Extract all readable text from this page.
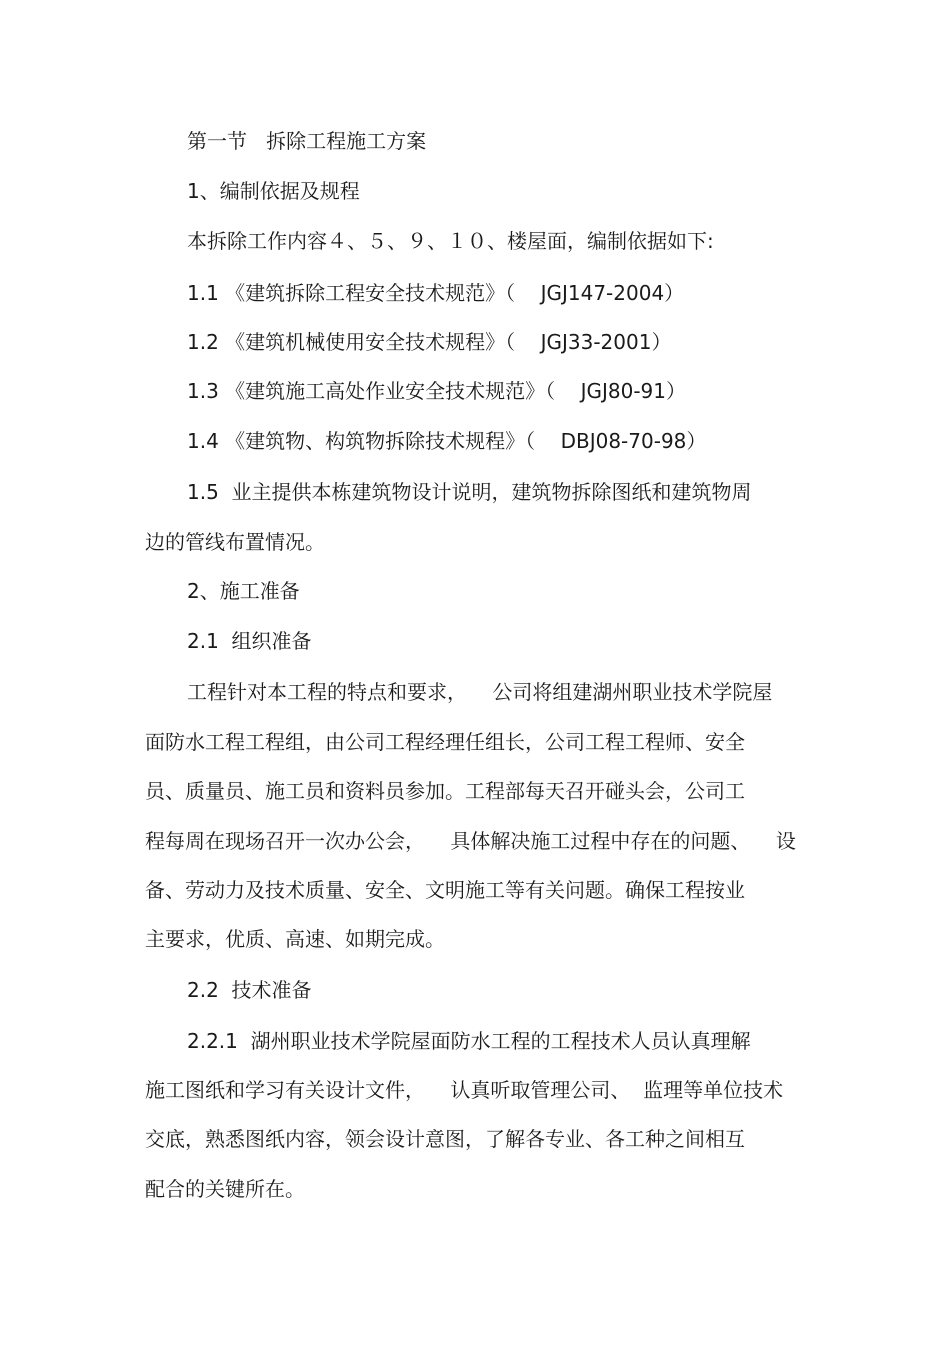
第一节   拆除工程施工方案
1、编制依据及规程
本拆除工作内容４、５、９、１０、楼屋面，编制依据如下:
1.1 《建筑拆除工程安全技术规范》（    JGJ147-2004）
1.2 《建筑机械使用安全技术规程》（    JGJ33-2001）
1.3 《建筑施工高处作业安全技术规范》（    JGJ80-91）
1.4 《建筑物、构筑物拆除技术规程》（    DBJ08-70-98）
1.5  业主提供本栋建筑物设计说明，建筑物拆除图纸和建筑物周
边的管线布置情况。
2、施工准备
2.1  组织准备
工程针对本工程的特点和要求，    公司将组建湖州职业技术学院屋
面防水工程工程组，由公司工程经理任组长，公司工程工程师、安全
员、质量员、施工员和资料员参加。工程部每天召开碰头会，公司工
程每周在现场召开一次办公会，    具体解决施工过程中存在的问题、    设
备、劳动力及技术质量、安全、文明施工等有关问题。确保工程按业
主要求，优质、高速、如期完成。
2.2  技术准备
2.2.1  湖州职业技术学院屋面防水工程的工程技术人员认真理解
施工图纸和学习有关设计文件，    认真听取管理公司、  监理等单位技术
交底，熟悉图纸内容，领会设计意图，了解各专业、各工种之间相互
配合的关键所在。
